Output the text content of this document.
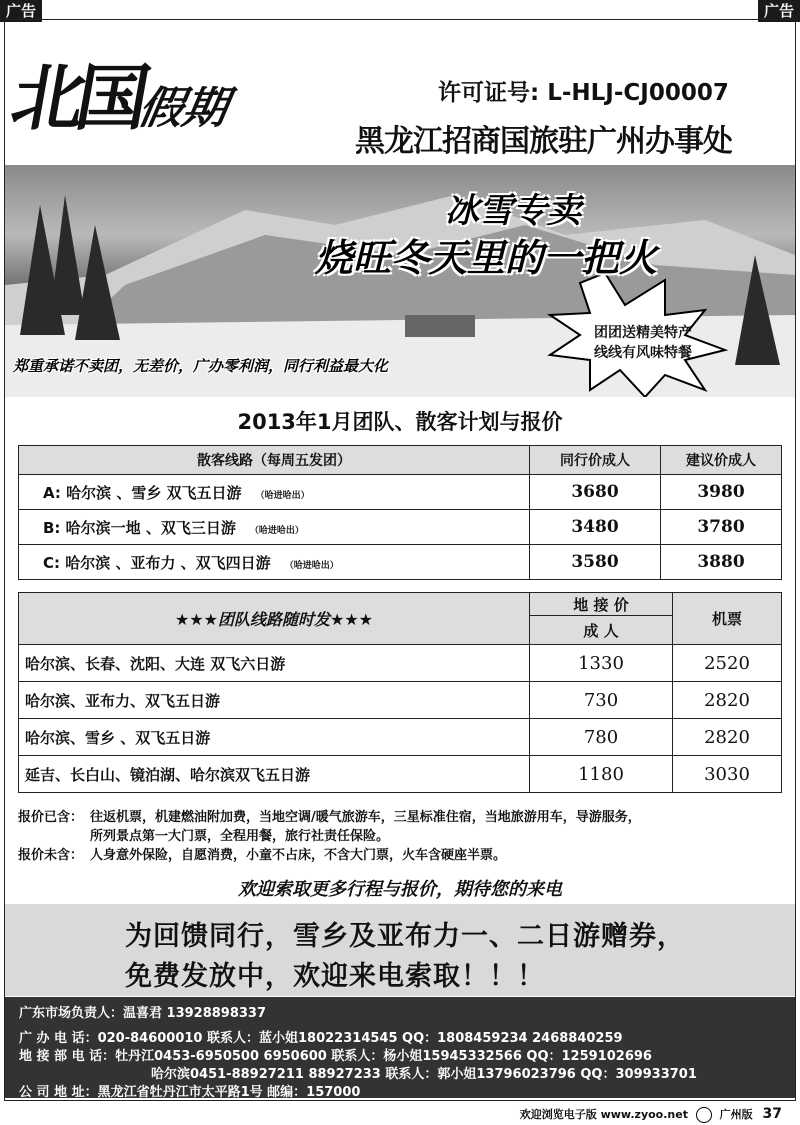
广告	广告
北国假期	许可证号: L-HLJ-CJ00007
黑龙江招商国旅驻广州办事处
冰雪专卖
烧旺冬天里的一把火
团团送精美特产
线线有风味特餐
郑重承诺不卖团，无差价，广办零利润，同行利益最大化
2013年1月团队、散客计划与报价
散客线路（每周五发团）	同行价成人	建议价成人
A: 哈尔滨 、雪乡 双飞五日游 （哈进哈出）	3680	3980
B: 哈尔滨一地 、双飞三日游 （哈进哈出）	3480	3780
C: 哈尔滨 、亚布力 、双飞四日游 （哈进哈出）	3580	3880
★★★团队线路随时发★★★	地 接 价	机票
	成 人	
哈尔滨、长春、沈阳、大连 双飞六日游	1330	2520
哈尔滨、亚布力、双飞五日游	730	2820
哈尔滨、雪乡 、双飞五日游	780	2820
延吉、长白山、镜泊湖、哈尔滨双飞五日游	1180	3030
报价已含： 往返机票，机建燃油附加费，当地空调/暖气旅游车，三星标准住宿，当地旅游用车，导游服务，
所列景点第一大门票，全程用餐，旅行社责任保险。
报价未含： 人身意外保险，自愿消费，小童不占床，不含大门票，火车含硬座半票。
欢迎索取更多行程与报价，期待您的来电
为回馈同行，雪乡及亚布力一、二日游赠券，
免费发放中，欢迎来电索取！！！
广东市场负责人：温喜君 13928898337
广 办 电 话：020-84600010 联系人：蓝小姐18022314545 QQ：1808459234 2468840259
地 接 部 电 话：牡丹江0453-6950500 6950600 联系人：杨小姐15945332566 QQ：1259102696
哈尔滨0451-88927211 88927233 联系人：郭小姐13796023796 QQ：309933701
公 司 地 址：黑龙江省牡丹江市太平路1号 邮编：157000
欢迎浏览电子版 www.zyoo.net	广州版 37
